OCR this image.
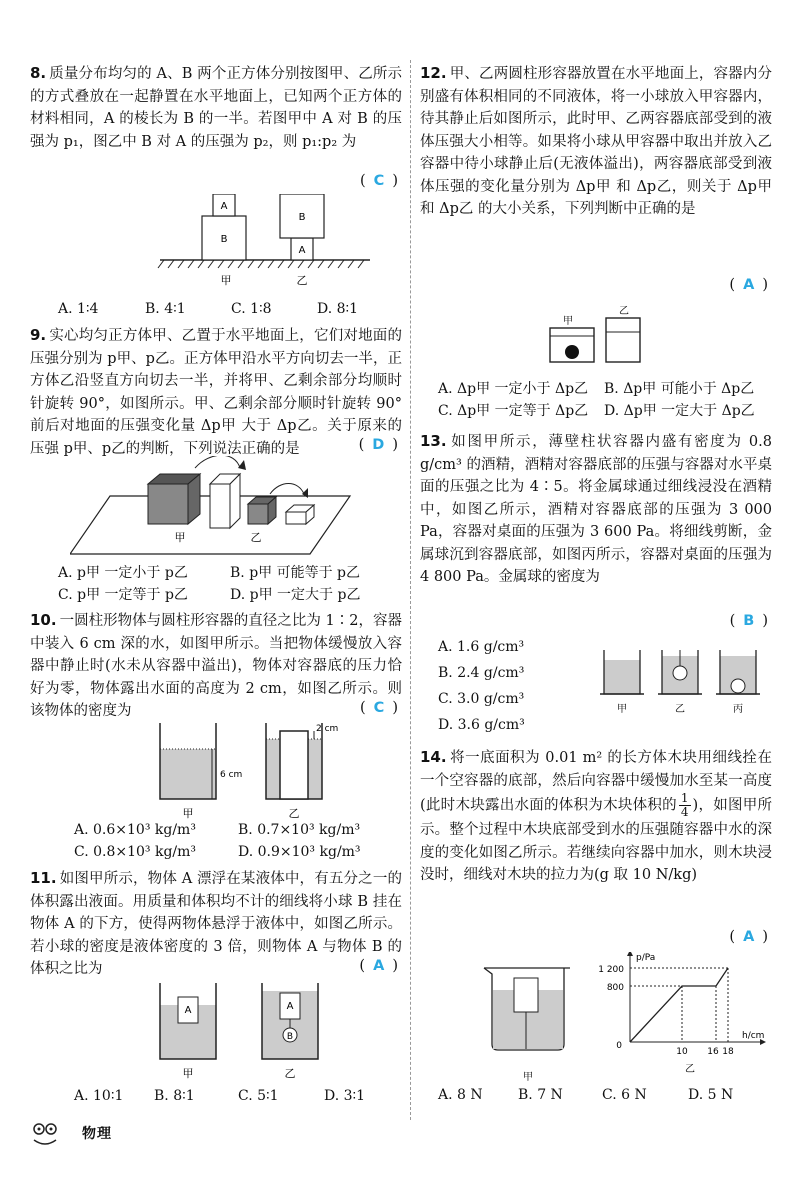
8. 质量分布均匀的 A、B 两个正方体分别按图甲、乙所示的方式叠放在一起静置在水平地面上，已知两个正方体的材料相同，A 的棱长为 B 的一半。若图甲中 A 对 B 的压强为 p₁，图乙中 B 对 A 的压强为 p₂，则 p₁:p₂ 为
( C )
A
B
B
A
甲	乙
A. 1∶4	B. 4∶1	C. 1∶8	D. 8∶1
9. 实心均匀正方体甲、乙置于水平地面上，它们对地面的压强分别为 p甲、p乙。正方体甲沿水平方向切去一半，正方体乙沿竖直方向切去一半，并将甲、乙剩余部分均顺时针旋转 90°，如图所示。甲、乙剩余部分顺时针旋转 90°前后对地面的压强变化量 Δp甲 大于 Δp乙。关于原来的压强 p甲、p乙的判断，下列说法正确的是	( D )
甲	乙
A. p甲 一定小于 p乙	B. p甲 可能等于 p乙
C. p甲 一定等于 p乙	D. p甲 一定大于 p乙
10. 一圆柱形物体与圆柱形容器的直径之比为 1∶2，容器中装入 6 cm 深的水，如图甲所示。当把物体缓慢放入容器中静止时(水未从容器中溢出)，物体对容器底的压力恰好为零，物体露出水面的高度为 2 cm，如图乙所示。则该物体的密度为	( C )
6 cm
2 cm
甲	乙
A. 0.6×10³ kg/m³	B. 0.7×10³ kg/m³
C. 0.8×10³ kg/m³	D. 0.9×10³ kg/m³
11. 如图甲所示，物体 A 漂浮在某液体中，有五分之一的体积露出液面。用质量和体积均不计的细线将小球 B 挂在物体 A 的下方，使得两物体悬浮于液体中，如图乙所示。若小球的密度是液体密度的 3 倍，则物体 A 与物体 B 的体积之比为	( A )
A	A
B
甲	乙
A. 10∶1	B. 8∶1	C. 5∶1	D. 3∶1
12. 甲、乙两圆柱形容器放置在水平地面上，容器内分别盛有体积相同的不同液体，将一小球放入甲容器内，待其静止后如图所示，此时甲、乙两容器底部受到的液体压强大小相等。如果将小球从甲容器中取出并放入乙容器中待小球静止后(无液体溢出)，两容器底部受到液体压强的变化量分别为 Δp甲 和 Δp乙，则关于 Δp甲 和 Δp乙 的大小关系，下列判断中正确的是
( A )
甲
乙
A. Δp甲 一定小于 Δp乙	B. Δp甲 可能小于 Δp乙
C. Δp甲 一定等于 Δp乙	D. Δp甲 一定大于 Δp乙
13. 如图甲所示，薄壁柱状容器内盛有密度为 0.8 g/cm³ 的酒精，酒精对容器底部的压强与容器对水平桌面的压强之比为 4∶5。将金属球通过细线浸没在酒精中，如图乙所示，酒精对容器底部的压强为 3 000 Pa，容器对桌面的压强为 3 600 Pa。将细线剪断，金属球沉到容器底部，如图丙所示，容器对桌面的压强为 4 800 Pa。金属球的密度为
( B )
A. 1.6 g/cm³
B. 2.4 g/cm³
C. 3.0 g/cm³
D. 3.6 g/cm³
甲	乙	丙
14. 将一底面积为 0.01 m² 的长方体木块用细线拴在一个空容器的底部，然后向容器中缓慢加水至某一高度(此时木块露出水面的体积为木块体积的 $\frac{1}{4}$ )，如图甲所示。整个过程中木块底部受到水的压强随容器中水的深度的变化如图乙所示。若继续向容器中加水，则木块浸没时，细线对木块的拉力为(g 取 10 N/kg)
( A )
甲
p/Pa
h/cm
0
1 200
800
10 16 18
乙
A. 8 N	B. 7 N	C. 6 N	D. 5 N
物理
